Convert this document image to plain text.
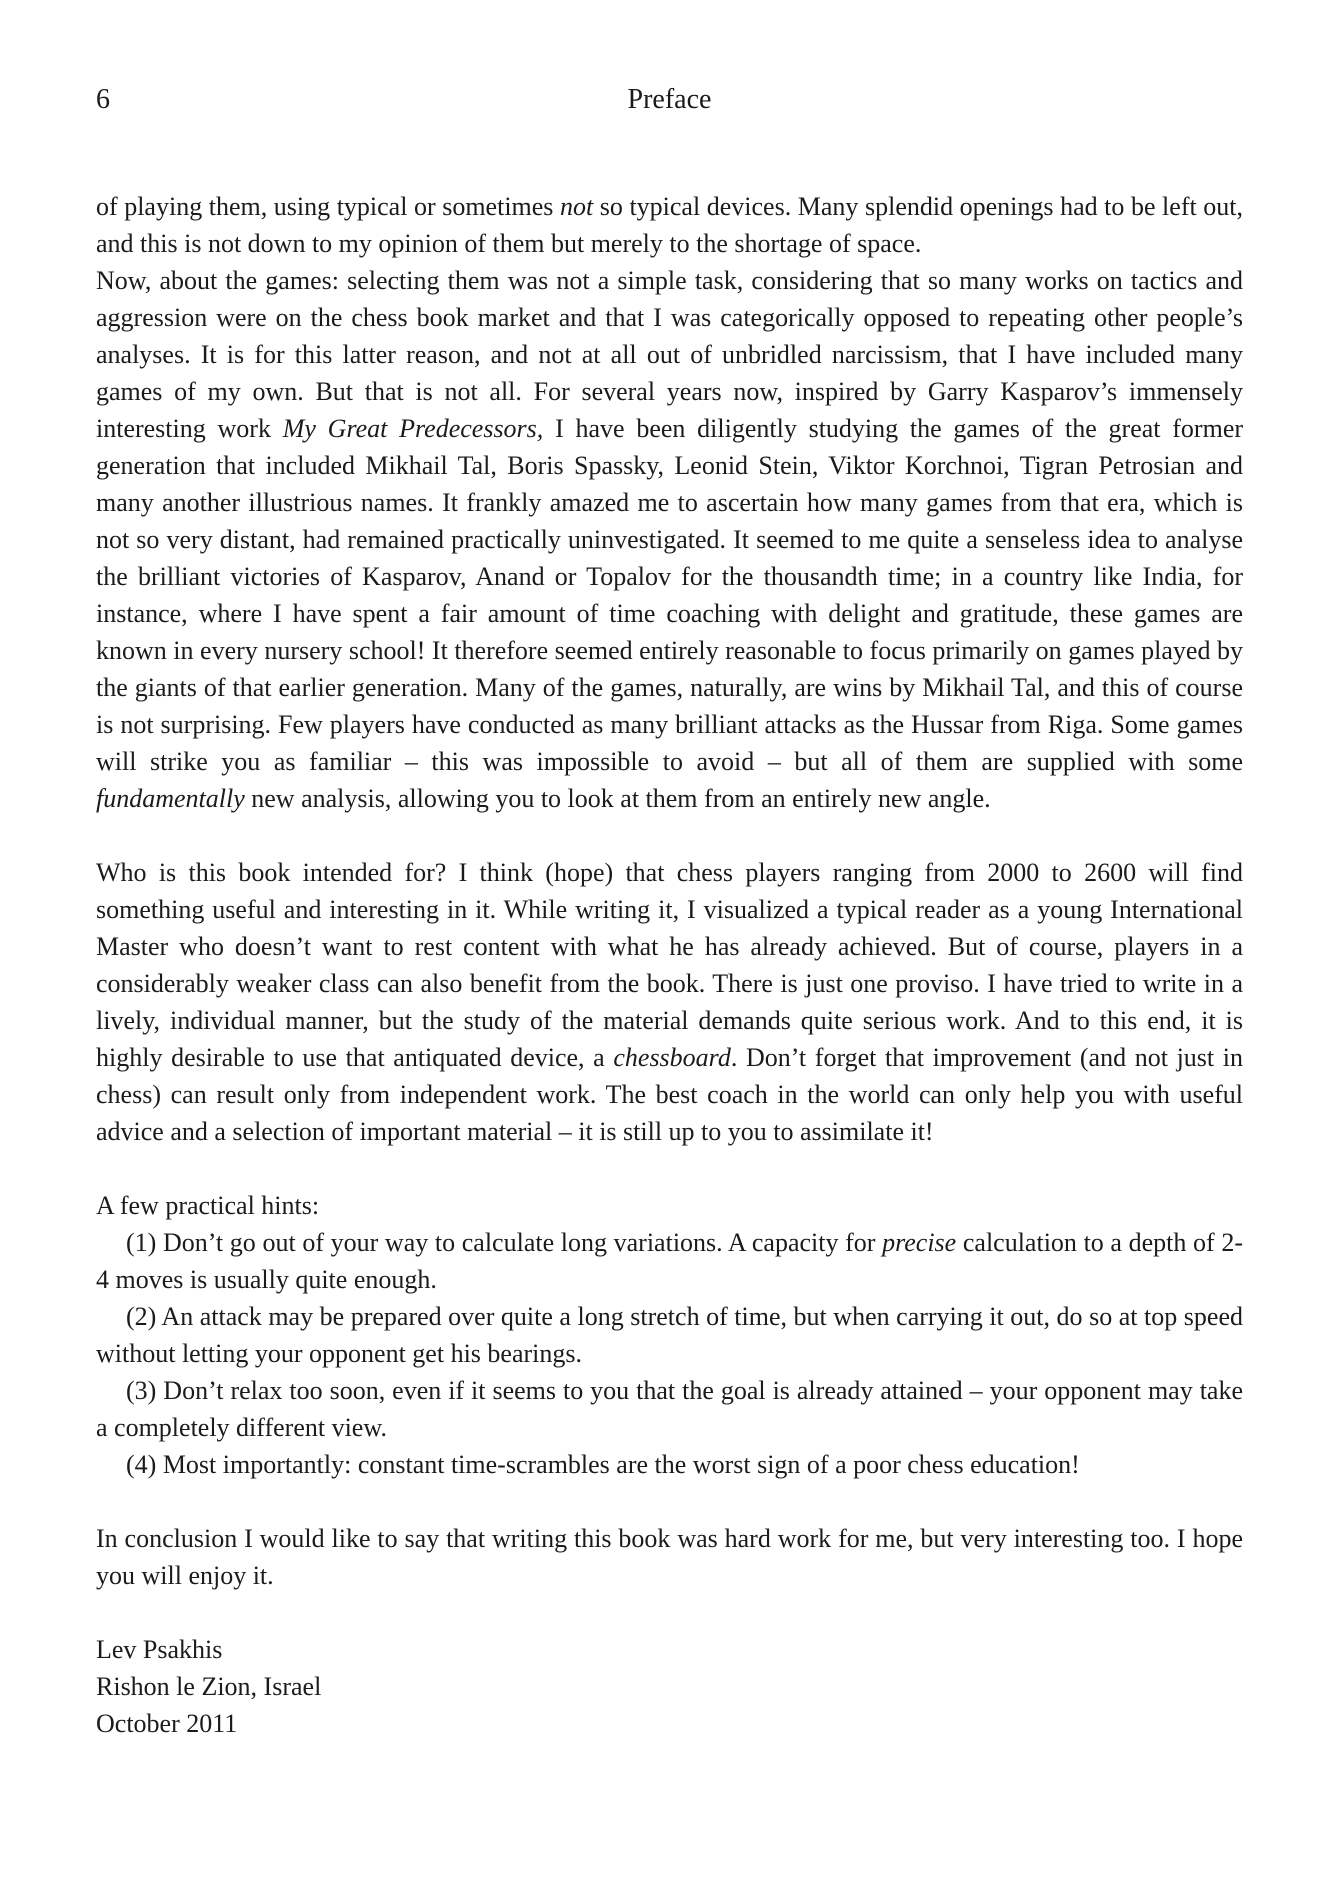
6	Preface

of playing them, using typical or sometimes not so typical devices. Many splendid openings had to be left out, and this is not down to my opinion of them but merely to the shortage of space.

Now, about the games: selecting them was not a simple task, considering that so many works on tactics and aggression were on the chess book market and that I was categorically opposed to repeating other people’s analyses. It is for this latter reason, and not at all out of unbridled narcissism, that I have included many games of my own. But that is not all. For several years now, inspired by Garry Kasparov’s immensely interesting work My Great Predecessors, I have been diligently studying the games of the great former generation that included Mikhail Tal, Boris Spassky, Leonid Stein, Viktor Korchnoi, Tigran Petrosian and many another illustrious names. It frankly amazed me to ascertain how many games from that era, which is not so very distant, had remained practically uninvestigated. It seemed to me quite a senseless idea to analyse the brilliant victories of Kasparov, Anand or Topalov for the thousandth time; in a country like India, for instance, where I have spent a fair amount of time coaching with delight and gratitude, these games are known in every nursery school! It therefore seemed entirely reasonable to focus primarily on games played by the giants of that earlier generation. Many of the games, naturally, are wins by Mikhail Tal, and this of course is not surprising. Few players have conducted as many brilliant attacks as the Hussar from Riga. Some games will strike you as familiar – this was impossible to avoid – but all of them are supplied with some fundamentally new analysis, allowing you to look at them from an entirely new angle.

Who is this book intended for? I think (hope) that chess players ranging from 2000 to 2600 will find something useful and interesting in it. While writing it, I visualized a typical reader as a young International Master who doesn’t want to rest content with what he has already achieved. But of course, players in a considerably weaker class can also benefit from the book. There is just one proviso. I have tried to write in a lively, individual manner, but the study of the material demands quite serious work. And to this end, it is highly desirable to use that antiquated device, a chessboard. Don’t forget that improvement (and not just in chess) can result only from independent work. The best coach in the world can only help you with useful advice and a selection of important material – it is still up to you to assimilate it!

A few practical hints:

(1) Don’t go out of your way to calculate long variations. A capacity for precise calculation to a depth of 2-4 moves is usually quite enough.

(2) An attack may be prepared over quite a long stretch of time, but when carrying it out, do so at top speed without letting your opponent get his bearings.

(3) Don’t relax too soon, even if it seems to you that the goal is already attained – your opponent may take a completely different view.

(4) Most importantly: constant time-scrambles are the worst sign of a poor chess education!

In conclusion I would like to say that writing this book was hard work for me, but very interesting too. I hope you will enjoy it.

Lev Psakhis

Rishon le Zion, Israel

October 2011
